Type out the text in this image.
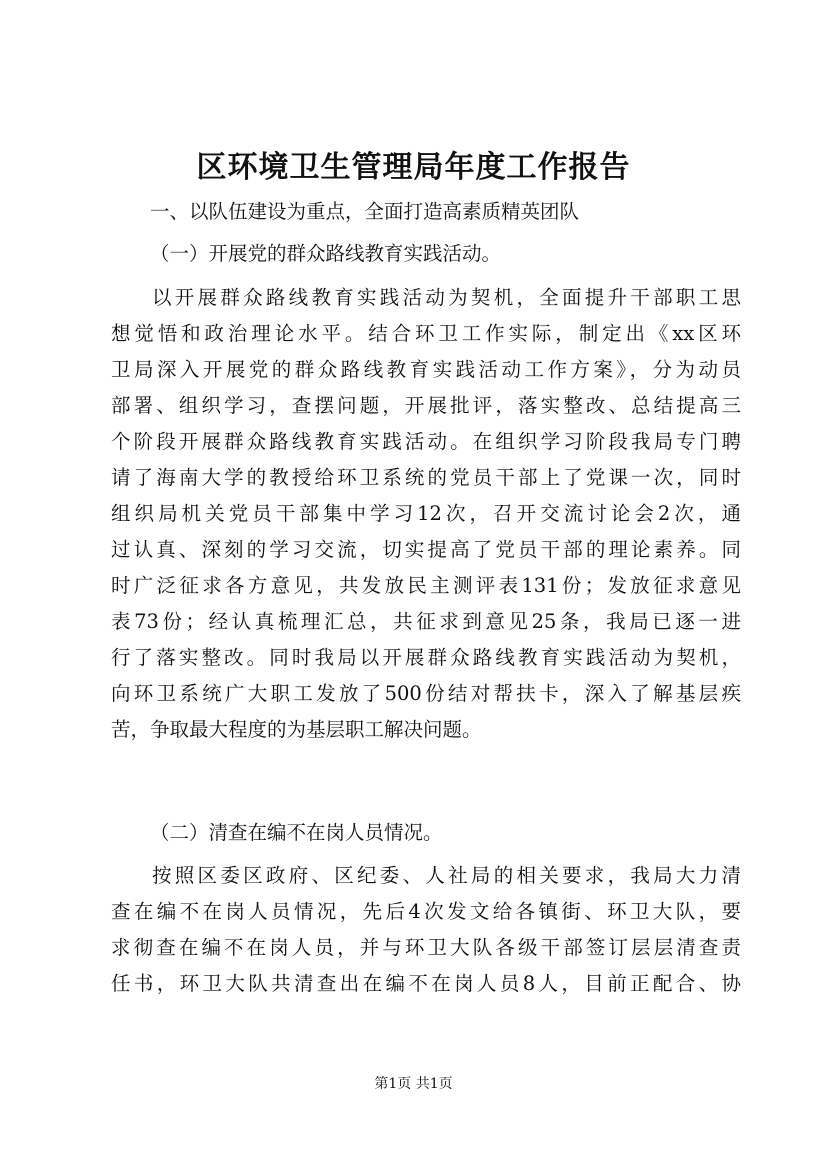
区环境卫生管理局年度工作报告

一、以队伍建设为重点，全面打造高素质精英团队

（一）开展党的群众路线教育实践活动。

以开展群众路线教育实践活动为契机，全面提升干部职工思
想觉悟和政治理论水平。结合环卫工作实际，制定出《xx区环
卫局深入开展党的群众路线教育实践活动工作方案》，分为动员
部署、组织学习，查摆问题，开展批评，落实整改、总结提高三
个阶段开展群众路线教育实践活动。在组织学习阶段我局专门聘
请了海南大学的教授给环卫系统的党员干部上了党课一次，同时
组织局机关党员干部集中学习12次，召开交流讨论会2次，通
过认真、深刻的学习交流，切实提高了党员干部的理论素养。同
时广泛征求各方意见，共发放民主测评表131份；发放征求意见
表73份；经认真梳理汇总，共征求到意见25条，我局已逐一进
行了落实整改。同时我局以开展群众路线教育实践活动为契机，
向环卫系统广大职工发放了500份结对帮扶卡，深入了解基层疾
苦，争取最大程度的为基层职工解决问题。

（二）清查在编不在岗人员情况。

按照区委区政府、区纪委、人社局的相关要求，我局大力清
查在编不在岗人员情况，先后4次发文给各镇街、环卫大队，要
求彻查在编不在岗人员，并与环卫大队各级干部签订层层清查责
任书，环卫大队共清查出在编不在岗人员8人，目前正配合、协
第1页 共1页
